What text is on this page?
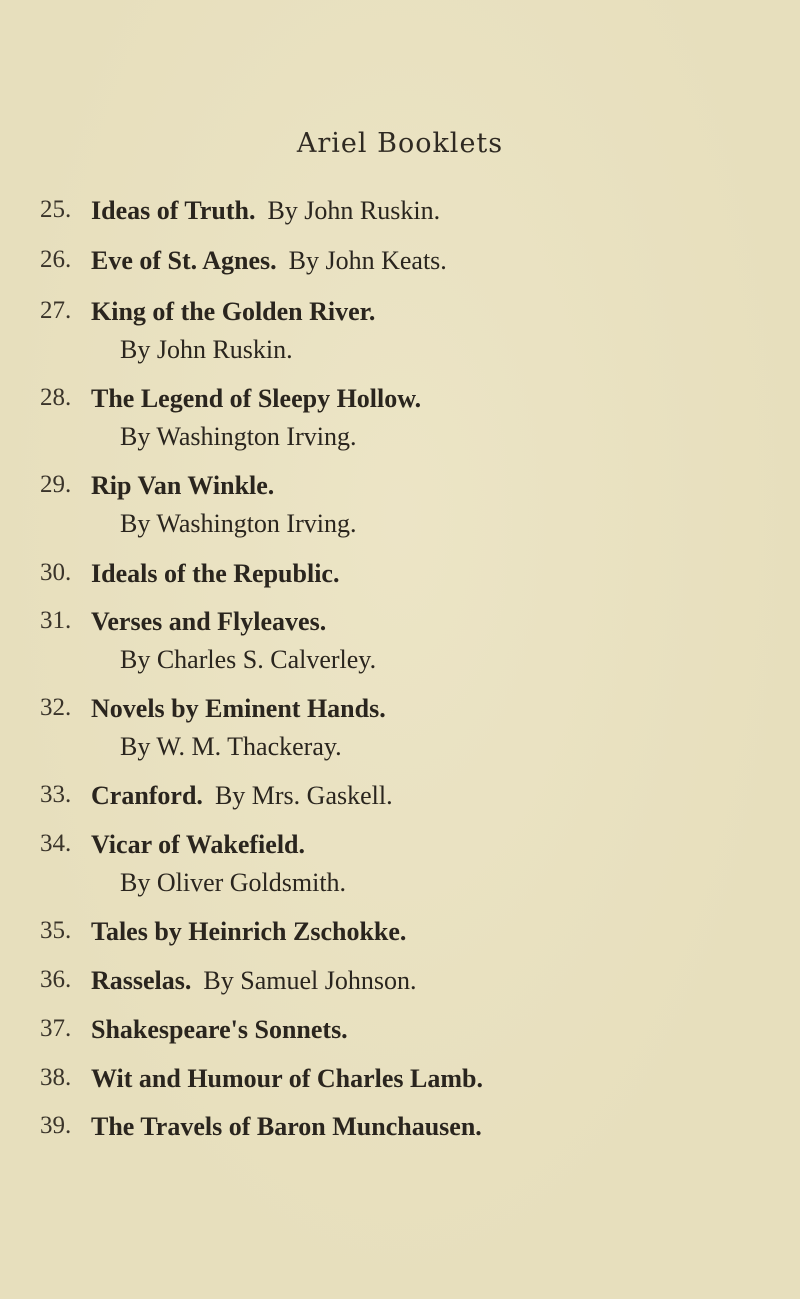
Ariel Booklets
25. Ideas of Truth. By John Ruskin.
26. Eve of St. Agnes. By John Keats.
27. King of the Golden River.
By John Ruskin.
28. The Legend of Sleepy Hollow.
By Washington Irving.
29. Rip Van Winkle.
By Washington Irving.
30. Ideals of the Republic.
31. Verses and Flyleaves.
By Charles S. Calverley.
32. Novels by Eminent Hands.
By W. M. Thackeray.
33. Cranford. By Mrs. Gaskell.
34. Vicar of Wakefield.
By Oliver Goldsmith.
35. Tales by Heinrich Zschokke.
36. Rasselas. By Samuel Johnson.
37. Shakespeare's Sonnets.
38. Wit and Humour of Charles Lamb.
39. The Travels of Baron Munchausen.
